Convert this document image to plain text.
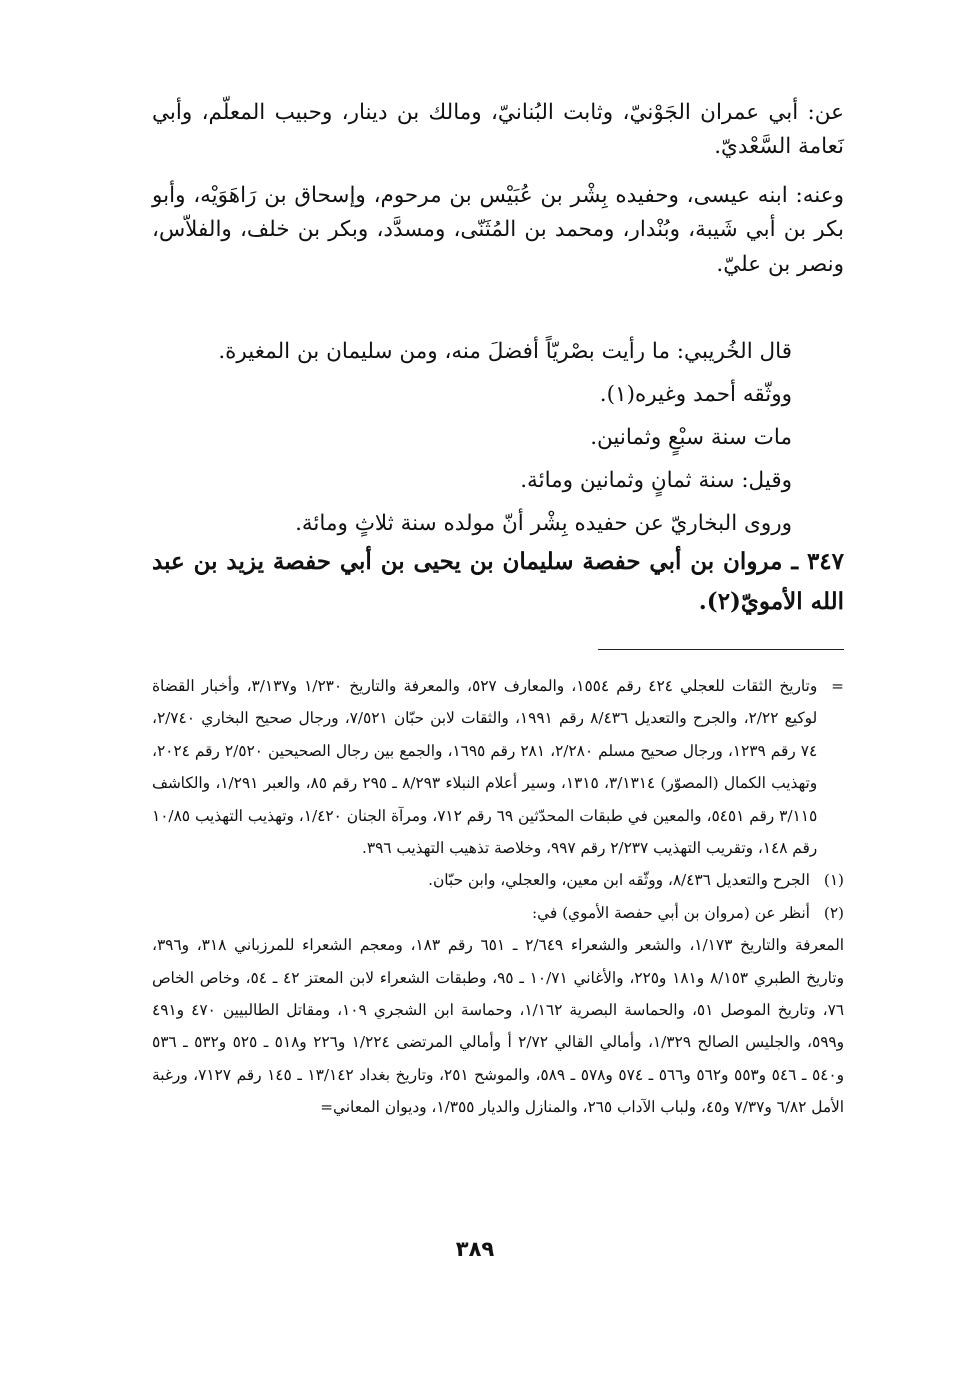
عن: أبي عمران الجَوْنيّ، وثابت البُنانيّ، ومالك بن دينار، وحبيب المعلّم، وأبي نَعامة السَّعْديّ.

وعنه: ابنه عيسى، وحفيده بِشْر بن عُبَيْس بن مرحوم، وإسحاق بن رَاهَوَيْه، وأبو بكر بن أبي شَيبة، وبُنْدار، ومحمد بن المُثَنّى، ومسدَّد، وبكر بن خلف، والفلاّس، ونصر بن عليّ.

قال الخُريبي: ما رأيت بصْريّاً أفضلَ منه، ومن سليمان بن المغيرة.
ووثّقه أحمد وغيره(١).
مات سنة سبْعٍ وثمانين.
وقيل: سنة ثمانٍ وثمانين ومائة.
وروى البخاريّ عن حفيده بِشْر أنّ مولده سنة ثلاثٍ ومائة.
٣٤٧ ـ مروان بن أبي حفصة سليمان بن يحيى بن أبي حفصة يزيد بن عبد الله الأمويّ(٢).
=
وتاريخ الثقات للعجلي ٤٢٤ رقم ١٥٥٤، والمعارف ٥٢٧، والمعرفة والتاريخ ١/٢٣٠ و٣/١٣٧، وأخبار القضاة لوكيع ٢/٢٢، والجرح والتعديل ٨/٤٣٦ رقم ١٩٩١، والثقات لابن حبّان ٧/٥٢١، ورجال صحيح البخاري ٢/٧٤٠، ٧٤ رقم ١٢٣٩، ورجال صحيح مسلم ٢/٢٨٠، ٢٨١ رقم ١٦٩٥، والجمع بين رجال الصحيحين ٢/٥٢٠ رقم ٢٠٢٤، وتهذيب الكمال (المصوّر) ٣/١٣١٤، ١٣١٥، وسير أعلام النبلاء ٨/٢٩٣ ـ ٢٩٥ رقم ٨٥، والعبر ١/٢٩١، والكاشف ٣/١١٥ رقم ٥٤٥١، والمعين في طبقات المحدّثين ٦٩ رقم ٧١٢، ومرآة الجنان ١/٤٢٠، وتهذيب التهذيب ١٠/٨٥ رقم ١٤٨، وتقريب التهذيب ٢/٢٣٧ رقم ٩٩٧، وخلاصة تذهيب التهذيب ٣٩٦.
(١)
الجرح والتعديل ٨/٤٣٦، ووثّقه ابن معين، والعجلي، وابن حبّان.
(٢)
أنظر عن (مروان بن أبي حفصة الأموي) في:
المعرفة والتاريخ ١/١٧٣، والشعر والشعراء ٢/٦٤٩ ـ ٦٥١ رقم ١٨٣، ومعجم الشعراء للمرزباني ٣١٨، و٣٩٦، وتاريخ الطبري ٨/١٥٣ و١٨١ و٢٢٥، والأغاني ١٠/٧١ ـ ٩٥، وطبقات الشعراء لابن المعتز ٤٢ ـ ٥٤، وخاص الخاص ٧٦، وتاريخ الموصل ٥١، والحماسة البصرية ١/١٦٢، وحماسة ابن الشجري ١٠٩، ومقاتل الطالبيين ٤٧٠ و٤٩١ و٥٩٩، والجليس الصالح ١/٣٢٩، وأمالي القالي ٢/٧٢ أ وأمالي المرتضى ١/٢٢٤ و٢٢٦ و٥١٨ ـ ٥٢٥ و٥٣٢ ـ ٥٣٦ و٥٤٠ ـ ٥٤٦ و٥٥٣ و٥٦٢ و٥٦٦ ـ ٥٧٤ و٥٧٨ ـ ٥٨٩، والموشح ٢٥١، وتاريخ بغداد ١٣/١٤٢ ـ ١٤٥ رقم ٧١٢٧، ورغبة الأمل ٦/٨٢ و٧/٣٧ و٤٥، ولباب الآداب ٢٦٥، والمنازل والديار ١/٣٥٥، وديوان المعاني=
٣٨٩
